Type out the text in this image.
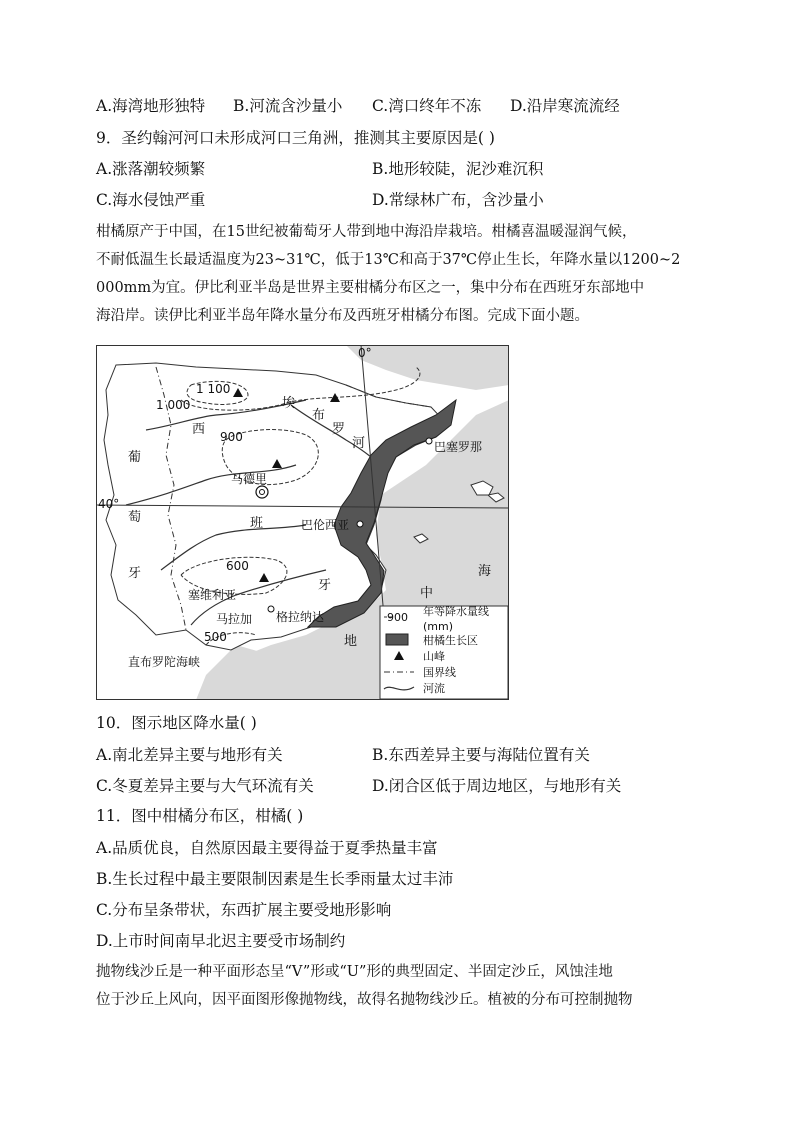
A.海湾地形独特 B.河流含沙量小 C.湾口终年不冻 D.沿岸寒流流经
9．圣约翰河河口未形成河口三角洲，推测其主要原因是( )
A.涨落潮较频繁	B.地形较陡，泥沙难沉积
C.海水侵蚀严重	D.常绿林广布，含沙量小
柑橘原产于中国，在15世纪被葡萄牙人带到地中海沿岸栽培。柑橘喜温暖湿润气候，
不耐低温生长最适温度为23~31℃，低于13℃和高于37℃停止生长，年降水量以1200~2
000mm为宜。伊比利亚半岛是世界主要柑橘分布区之一，集中分布在西班牙东部地中
海沿岸。读伊比利亚半岛年降水量分布及西班牙柑橘分布图。完成下面小题。
0°
40°
1 100
1 000
900
600
500
西
班
牙
葡
萄
牙
埃
布
罗
河
地
中
海
马德里
巴塞罗那
巴伦西亚
塞维利亚
马拉加 格拉纳达
直布罗陀海峡
900 年等降水量线
(mm)
柑橘生长区
山峰
国界线
河流
10．图示地区降水量( )
A.南北差异主要与地形有关	B.东西差异主要与海陆位置有关
C.冬夏差异主要与大气环流有关	D.闭合区低于周边地区，与地形有关
11．图中柑橘分布区，柑橘( )
A.品质优良，自然原因最主要得益于夏季热量丰富
B.生长过程中最主要限制因素是生长季雨量太过丰沛
C.分布呈条带状，东西扩展主要受地形影响
D.上市时间南早北迟主要受市场制约
抛物线沙丘是一种平面形态呈“V”形或“U”形的典型固定、半固定沙丘，风蚀洼地
位于沙丘上风向，因平面图形像抛物线，故得名抛物线沙丘。植被的分布可控制抛物
